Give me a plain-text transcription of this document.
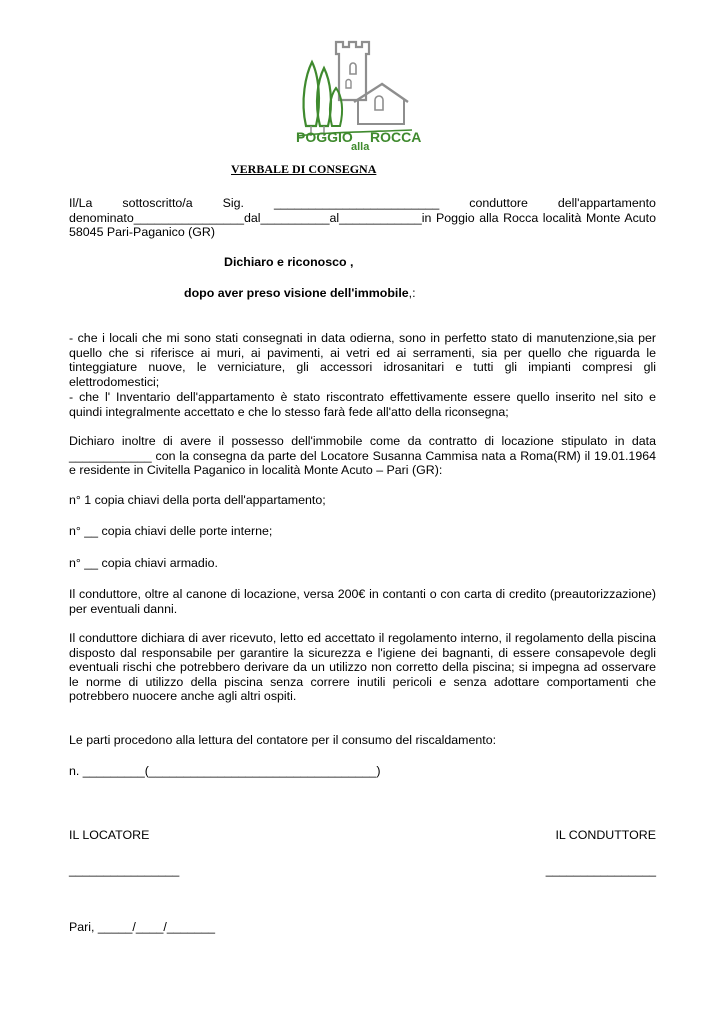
POGGIO
alla
ROCCA
VERBALE DI CONSEGNA
Il/La sottoscritto/a Sig. ________________________ conduttore dell'appartamento
denominato________________dal__________al____________in Poggio alla Rocca località Monte Acuto
58045 Pari-Paganico (GR)
Dichiaro e riconosco ,
dopo aver preso visione dell'immobile,:
- che i locali che mi sono stati consegnati in data odierna, sono in perfetto stato di manutenzione,sia per quello che si riferisce ai muri, ai pavimenti, ai vetri ed ai serramenti, sia per quello che riguarda le tinteggiature nuove, le verniciature, gli accessori idrosanitari e tutti gli impianti compresi gli elettrodomestici;
- che l' Inventario dell'appartamento è stato riscontrato effettivamente essere quello inserito nel sito e quindi integralmente accettato e che lo stesso farà fede all'atto della riconsegna;
Dichiaro inoltre di avere il possesso dell'immobile come da contratto di locazione stipulato in data ____________ con la consegna da parte del Locatore Susanna Cammisa nata a Roma(RM) il 19.01.1964 e residente in Civitella Paganico in località Monte Acuto – Pari (GR):
n° 1 copia chiavi della porta dell'appartamento;
n° __ copia chiavi delle porte interne;
n° __ copia chiavi armadio.
Il conduttore, oltre al canone di locazione, versa 200€ in contanti o con carta di credito (preautorizzazione) per eventuali danni.
Il conduttore dichiara di aver ricevuto, letto ed accettato il regolamento interno, il regolamento della piscina disposto dal responsabile per garantire la sicurezza e l'igiene dei bagnanti, di essere consapevole degli eventuali rischi che potrebbero derivare da un utilizzo non corretto della piscina; si impegna ad osservare le norme di utilizzo della piscina senza correre inutili pericoli e senza adottare comportamenti che potrebbero nuocere anche agli altri ospiti.
Le parti procedono alla lettura del contatore per il consumo del riscaldamento:
n. _________(_________________________________)
IL LOCATORE	IL CONDUTTORE
________________	________________
Pari, _____/____/_______
